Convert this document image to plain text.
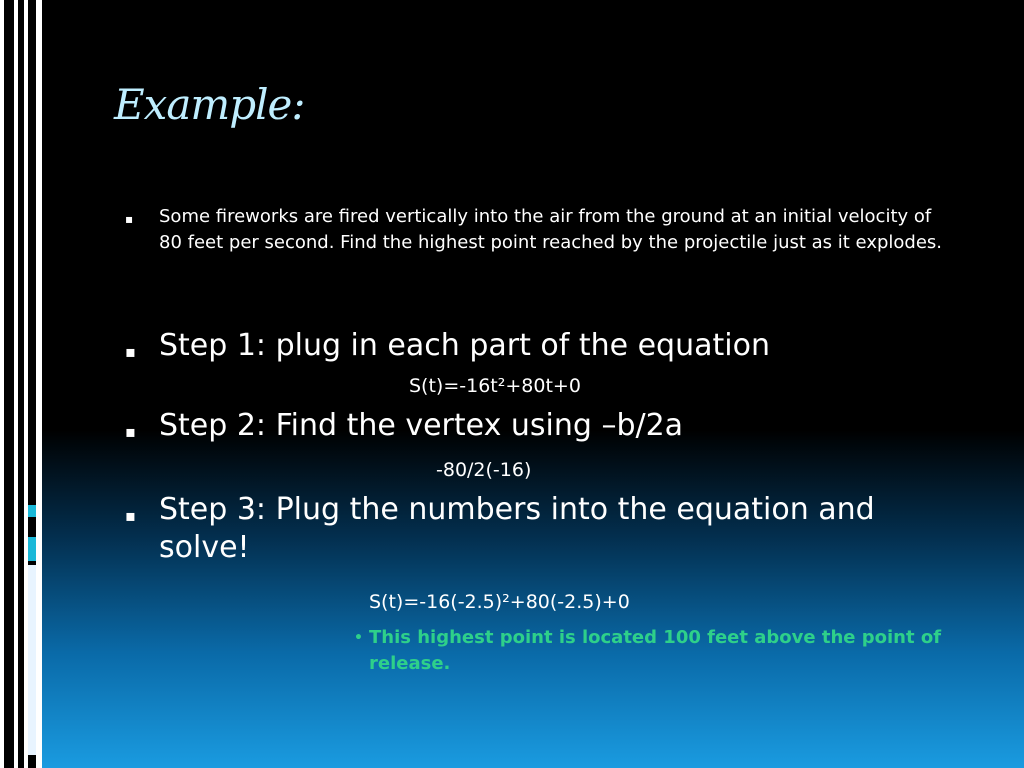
Example:
▪ Some fireworks are fired vertically into the air from the ground at an initial velocity of 80 feet per second. Find the highest point reached by the projectile just as it explodes.
▪ Step 1: plug in each part of the equation
S(t)=-16t²+80t+0
▪ Step 2: Find the vertex using –b/2a
-80/2(-16)
▪ Step 3: Plug the numbers into the equation and solve!
S(t)=-16(-2.5)²+80(-2.5)+0
• This highest point is located 100 feet above the point of release.
